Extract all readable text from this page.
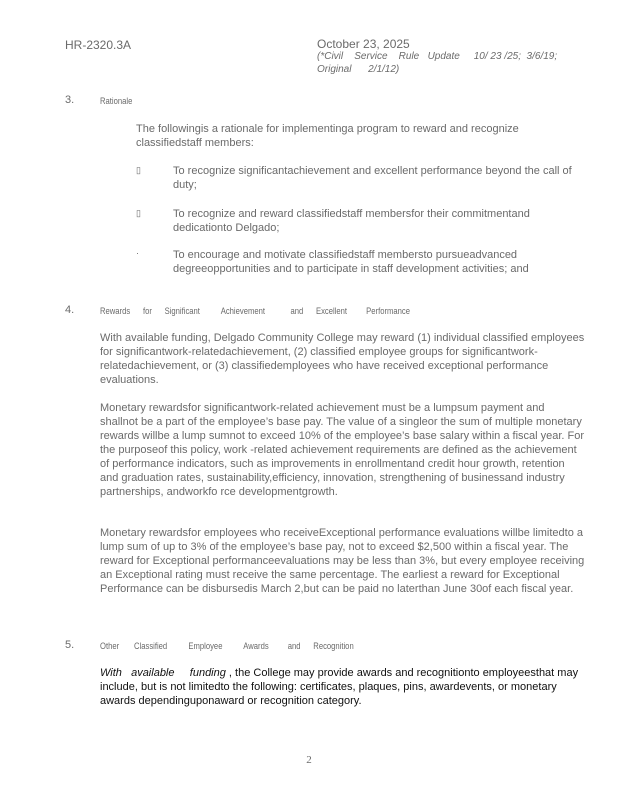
HR-2320.3A	October 23, 2025
(*Civil    Service    Rule   Update     10/ 23 /25;  3/6/19;
Original      2/1/12)
3.	Rationale
The followingis a rationale for implementinga program to reward and recognize classifiedstaff members:
▯	To recognize significantachievement and excellent performance beyond the call of duty;
▯	To recognize and reward classifiedstaff membersfor their commitmentand dedicationto Delgado;
·	To encourage and motivate classifiedstaff membersto pursueadvanced degreeopportunities and to participate in staff development activities; and
4.	Rewards      for      Significant          Achievement            and      Excellent         Performance
With available funding, Delgado Community College may reward (1) individual classified employees for significantwork-relatedachievement, (2) classified employee groups for significantwork-relatedachievement, or (3) classifiedemployees who have received exceptional performance evaluations.
Monetary rewardsfor significantwork-related achievement must be a lumpsum payment and shallnot be a part of the employee’s base pay. The value of a singleor the sum of multiple monetary rewards willbe a lump sumnot to exceed 10% of the employee’s base salary within a fiscal year. For the purposeof this policy, work -related achievement requirements are defined as the achievement of performance indicators, such as improvements in enrollmentand credit hour growth, retention and graduation rates, sustainability,efficiency, innovation, strengthening of businessand industry partnerships, andworkfo rce developmentgrowth.
Monetary rewardsfor employees who receiveExceptional performance evaluations willbe limitedto a lump sum of up to 3% of the employee’s base pay, not to exceed $2,500 within a fiscal year. The reward for Exceptional performanceevaluations may be less than 3%, but every employee receiving an Exceptional rating must receive the same percentage. The earliest a reward for Exceptional Performance can be disbursedis March 2,but can be paid no laterthan June 30of each fiscal year.
5.	Other       Classified          Employee          Awards         and      Recognition
With   available     funding , the College may provide awards and recognitionto employeesthat may include, but is not limitedto the following: certificates, plaques, pins, awardevents, or monetary awards dependinguponaward or recognition category.
2
